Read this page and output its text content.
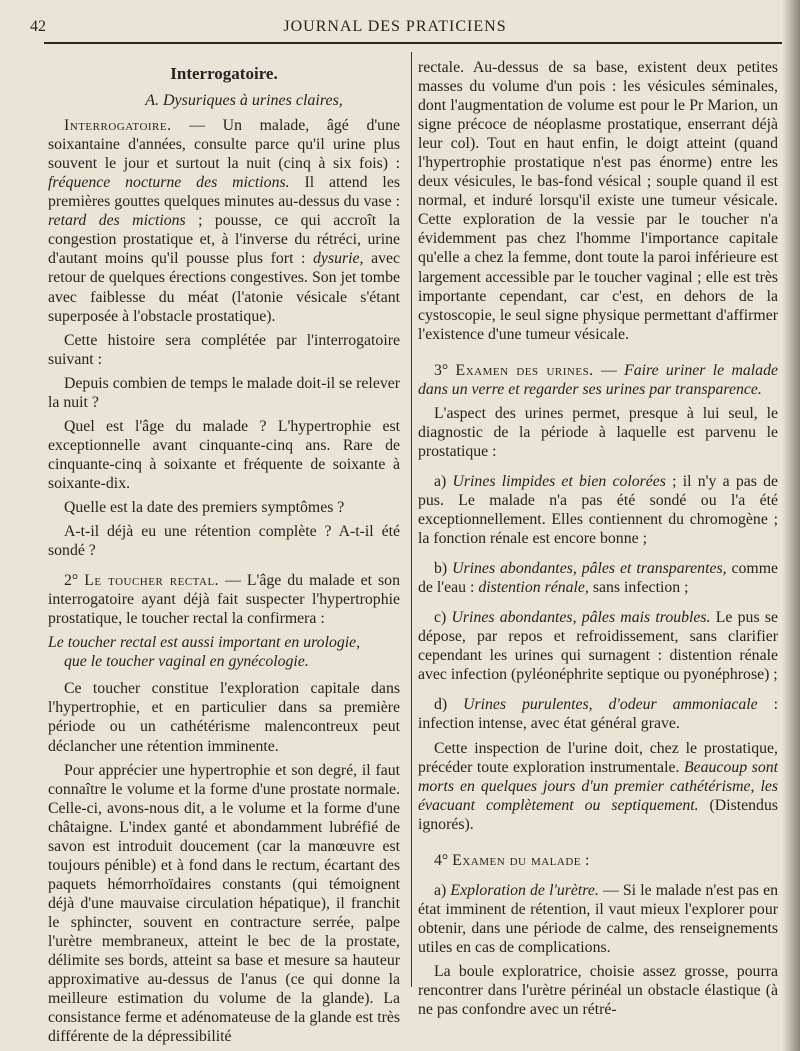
42	JOURNAL DES PRATICIENS
Interrogatoire.
A. Dysuriques à urines claires,

Interrogatoire. — Un malade, âgé d'une soixantaine d'années, consulte parce qu'il urine plus souvent le jour et surtout la nuit (cinq à six fois) : fréquence nocturne des mictions. Il attend les premières gouttes quelques minutes au-dessus du vase : retard des mictions ; pousse, ce qui accroît la congestion prostatique et, à l'inverse du rétréci, urine d'autant moins qu'il pousse plus fort : dysurie, avec retour de quelques érections congestives. Son jet tombe avec faiblesse du méat (l'atonie vésicale s'étant superposée à l'obstacle prostatique).

Cette histoire sera complétée par l'interrogatoire suivant :

Depuis combien de temps le malade doit-il se relever la nuit ?

Quel est l'âge du malade ? L'hypertrophie est exceptionnelle avant cinquante-cinq ans. Rare de cinquante-cinq à soixante et fréquente de soixante à soixante-dix.

Quelle est la date des premiers symptômes ?

A-t-il déjà eu une rétention complète ? A-t-il été sondé ?

2° Le toucher rectal. — L'âge du malade et son interrogatoire ayant déjà fait suspecter l'hypertrophie prostatique, le toucher rectal la confirmera :

Le toucher rectal est aussi important en urologie,
que le toucher vaginal en gynécologie.

Ce toucher constitue l'exploration capitale dans l'hypertrophie, et en particulier dans sa première période ou un cathétérisme malencontreux peut déclancher une rétention imminente.

Pour apprécier une hypertrophie et son degré, il faut connaître le volume et la forme d'une prostate normale. Celle-ci, avons-nous dit, a le volume et la forme d'une châtaigne. L'index ganté et abondamment lubréfié de savon est introduit doucement (car la manœuvre est toujours pénible) et à fond dans le rectum, écartant des paquets hémorrhoïdaires constants (qui témoignent déjà d'une mauvaise circulation hépatique), il franchit le sphincter, souvent en contracture serrée, palpe l'urètre membraneux, atteint le bec de la prostate, délimite ses bords, atteint sa base et mesure sa hauteur approximative au-dessus de l'anus (ce qui donne la meilleure estimation du volume de la glande). La consistance ferme et adénomateuse de la glande est très différente de la dépressibilité

rectale. Au-dessus de sa base, existent deux petites masses du volume d'un pois : les vésicules séminales, dont l'augmentation de volume est pour le Pr Marion, un signe précoce de néoplasme prostatique, enserrant déjà leur col). Tout en haut enfin, le doigt atteint (quand l'hypertrophie prostatique n'est pas énorme) entre les deux vésicules, le bas-fond vésical ; souple quand il est normal, et induré lorsqu'il existe une tumeur vésicale. Cette exploration de la vessie par le toucher n'a évidemment pas chez l'homme l'importance capitale qu'elle a chez la femme, dont toute la paroi inférieure est largement accessible par le toucher vaginal ; elle est très importante cependant, car c'est, en dehors de la cystoscopie, le seul signe physique permettant d'affirmer l'existence d'une tumeur vésicale.

3° Examen des urines. — Faire uriner le malade dans un verre et regarder ses urines par transparence.

L'aspect des urines permet, presque à lui seul, le diagnostic de la période à laquelle est parvenu le prostatique :

a) Urines limpides et bien colorées ; il n'y a pas de pus. Le malade n'a pas été sondé ou l'a été exceptionnellement. Elles contiennent du chromogène ; la fonction rénale est encore bonne ;

b) Urines abondantes, pâles et transparentes, comme de l'eau : distention rénale, sans infection ;

c) Urines abondantes, pâles mais troubles. Le pus se dépose, par repos et refroidissement, sans clarifier cependant les urines qui surnagent : distention rénale avec infection (pyléonéphrite septique ou pyonéphrose) ;

d) Urines purulentes, d'odeur ammoniacale : infection intense, avec état général grave.

Cette inspection de l'urine doit, chez le prostatique, précéder toute exploration instrumentale. Beaucoup sont morts en quelques jours d'un premier cathétérisme, les évacuant complètement ou septiquement. (Distendus ignorés).

4° Examen du malade :

a) Exploration de l'urètre. — Si le malade n'est pas en état imminent de rétention, il vaut mieux l'explorer pour obtenir, dans une période de calme, des renseignements utiles en cas de complications.

La boule exploratrice, choisie assez grosse, pourra rencontrer dans l'urètre périnéal un obstacle élastique (à ne pas confondre avec un rétré-
